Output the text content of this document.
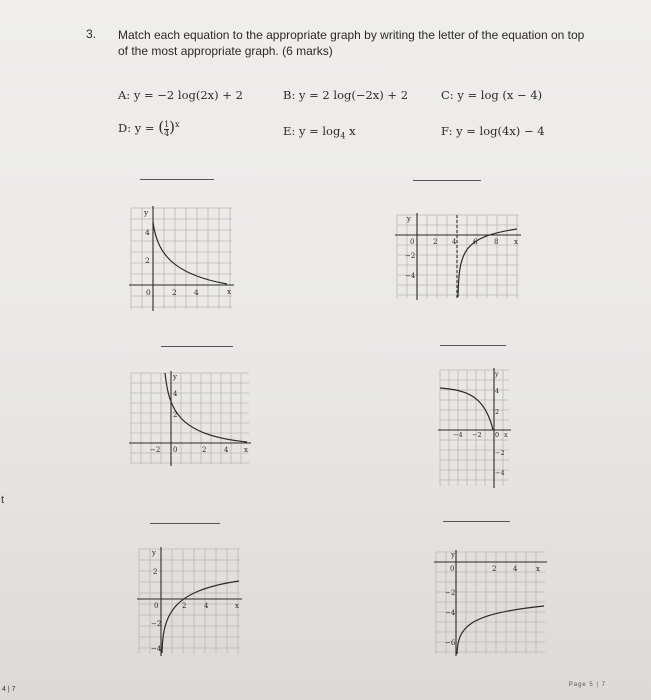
3. Match each equation to the appropriate graph by writing the letter of the equation on top of the most appropriate graph. (6 marks)
A: y = −2 log(2x) + 2	B: y = 2 log(−2x) + 2	C: y = log (x − 4)
D: y = ( $\frac{1}{4} )^x$	E: $y = \log_4 x$	F: y = log(4x) − 4
y
x
4
2
0	2 4
y
0	2 4 6 8 x
−2
−4
y
4
2
−2 0	2	4 x
y
4
2
−4 −2 0 x
−2
−4
y
2
0	2	4	x
−2
−4
y
0	2 4	x
−2
−4
−6
t
4 | 7
Page 5 | 7
